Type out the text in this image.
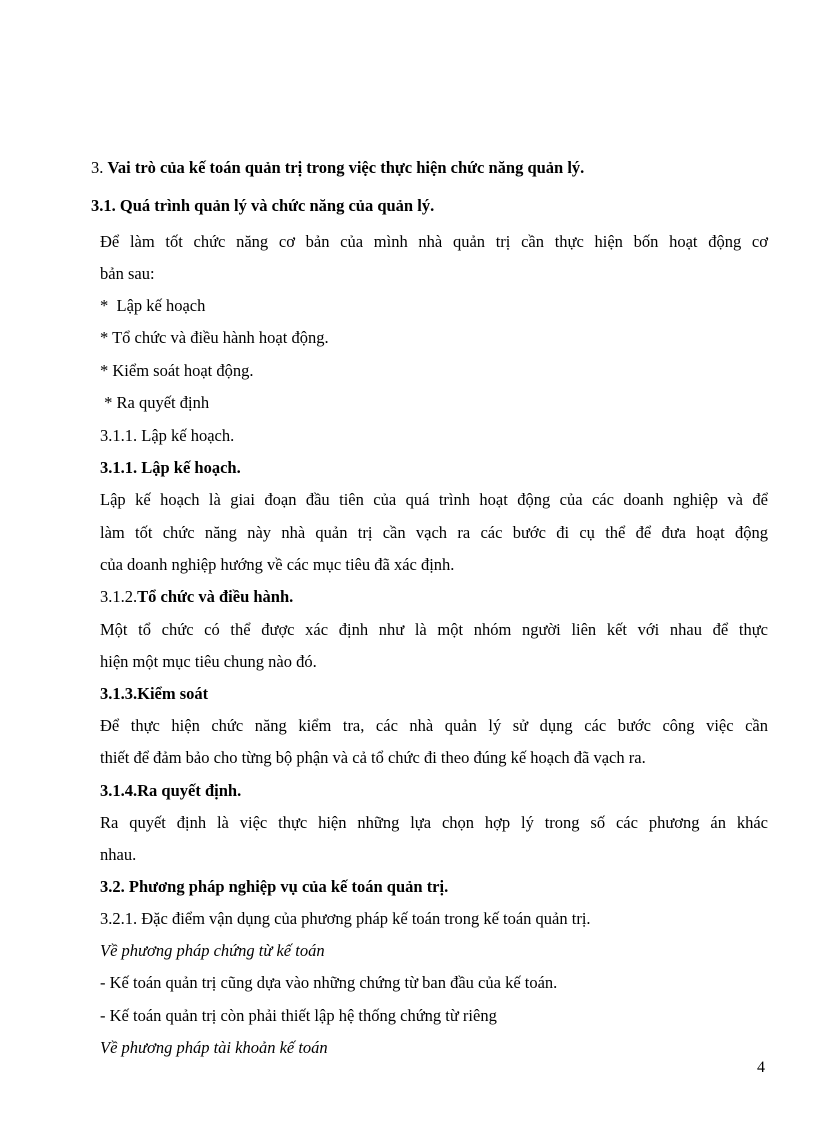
3. Vai trò của kế toán quản trị trong việc thực hiện chức năng quản lý.
3.1. Quá trình quản lý và chức năng của quản lý.
Để làm tốt chức năng cơ bản của mình nhà quản trị cần thực hiện bốn hoạt động cơ
bản sau:
*  Lập kế hoạch
* Tổ chức và điều hành hoạt động.
* Kiểm soát hoạt động.
* Ra quyết định
3.1.1. Lập kế hoạch.
3.1.1. Lập kế hoạch.
Lập kế hoạch là giai đoạn đầu tiên của quá trình hoạt động của các doanh nghiệp và để
làm tốt chức năng này nhà quản trị cần vạch ra các bước đi cụ thể để đưa hoạt động
của doanh nghiệp hướng về các mục tiêu đã xác định.
3.1.2.Tổ chức và điều hành.
Một tổ chức có thể được xác định như là một nhóm người liên kết với nhau để thực
hiện một mục tiêu chung nào đó.
3.1.3.Kiểm soát
Để thực hiện chức năng kiểm tra, các nhà quản lý sử dụng các bước công việc cần
thiết để đảm bảo cho từng bộ phận và cả tổ chức đi theo đúng kế hoạch đã vạch ra.
3.1.4.Ra quyết định.
Ra quyết định là việc thực hiện những lựa chọn hợp lý trong số các phương án khác
nhau.
3.2. Phương pháp nghiệp vụ của kế toán quản trị.
3.2.1. Đặc điểm vận dụng của phương pháp kế toán trong kế toán quản trị.
Về phương pháp chứng từ kế toán
- Kế toán quản trị cũng dựa vào những chứng từ ban đầu của kế toán.
- Kế toán quản trị còn phải thiết lập hệ thống chứng từ riêng
Về phương pháp tài khoản kế toán
4
